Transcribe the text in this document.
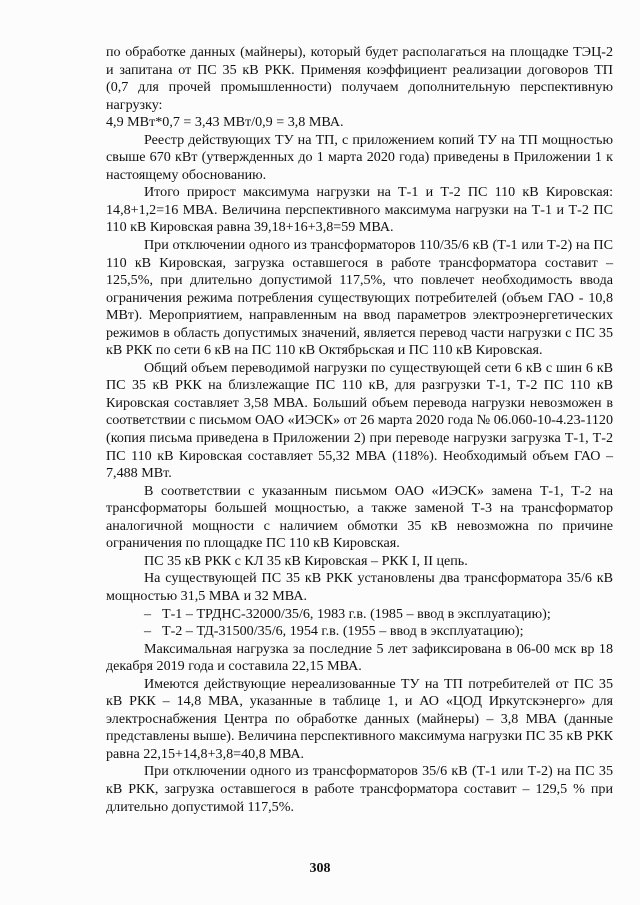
по обработке данных (майнеры), который будет располагаться на площадке ТЭЦ-2 и запитана от ПС 35 кВ РКК. Применяя коэффициент реализации договоров ТП (0,7 для прочей промышленности) получаем дополнительную перспективную нагрузку:

4,9 МВт*0,7 = 3,43 МВт/0,9 = 3,8 МВА.

Реестр действующих ТУ на ТП, с приложением копий ТУ на ТП мощностью свыше 670 кВт (утвержденных до 1 марта 2020 года) приведены в Приложении 1 к настоящему обоснованию.

Итого прирост максимума нагрузки на Т-1 и Т-2 ПС 110 кВ Кировская: 14,8+1,2=16 МВА. Величина перспективного максимума нагрузки на Т-1 и Т-2 ПС 110 кВ Кировская равна 39,18+16+3,8=59 МВА.

При отключении одного из трансформаторов 110/35/6 кВ (Т-1 или Т-2) на ПС 110 кВ Кировская, загрузка оставшегося в работе трансформатора составит – 125,5%, при длительно допустимой 117,5%, что повлечет необходимость ввода ограничения режима потребления существующих потребителей (объем ГАО - 10,8 МВт). Мероприятием, направленным на ввод параметров электроэнергетических режимов в область допустимых значений, является перевод части нагрузки с ПС 35 кВ РКК по сети 6 кВ на ПС 110 кВ Октябрьская и ПС 110 кВ Кировская.

Общий объем переводимой нагрузки по существующей сети 6 кВ с шин 6 кВ ПС 35 кВ РКК на близлежащие ПС 110 кВ, для разгрузки Т-1, Т-2 ПС 110 кВ Кировская составляет 3,58 МВА. Больший объем перевода нагрузки невозможен в соответствии с письмом ОАО «ИЭСК» от 26 марта 2020 года № 06.060-10-4.23-1120 (копия письма приведена в Приложении 2) при переводе нагрузки загрузка Т-1, Т-2 ПС 110 кВ Кировская составляет 55,32 МВА (118%). Необходимый объем ГАО – 7,488 МВт.

В соответствии с указанным письмом ОАО «ИЭСК» замена Т-1, Т-2 на трансформаторы большей мощностью, а также заменой Т-3 на трансформатор аналогичной мощности с наличием обмотки 35 кВ невозможна по причине ограничения по площадке ПС 110 кВ Кировская.

ПС 35 кВ РКК с КЛ 35 кВ Кировская – РКК I, II цепь.

На существующей ПС 35 кВ РКК установлены два трансформатора 35/6 кВ мощностью 31,5 МВА и 32 МВА.

– Т-1 – ТРДНС-32000/35/6, 1983 г.в. (1985 – ввод в эксплуатацию);

– Т-2 – ТД-31500/35/6, 1954 г.в. (1955 – ввод в эксплуатацию);

Максимальная нагрузка за последние 5 лет зафиксирована в 06-00 мск вр 18 декабря 2019 года и составила 22,15 МВА.

Имеются действующие нереализованные ТУ на ТП потребителей от ПС 35 кВ РКК – 14,8 МВА, указанные в таблице 1, и АО «ЦОД Иркутскэнерго» для электроснабжения Центра по обработке данных (майнеры) – 3,8 МВА (данные представлены выше). Величина перспективного максимума нагрузки ПС 35 кВ РКК равна 22,15+14,8+3,8=40,8 МВА.

При отключении одного из трансформаторов 35/6 кВ (Т-1 или Т-2) на ПС 35 кВ РКК, загрузка оставшегося в работе трансформатора составит – 129,5 % при длительно допустимой 117,5%.

308
